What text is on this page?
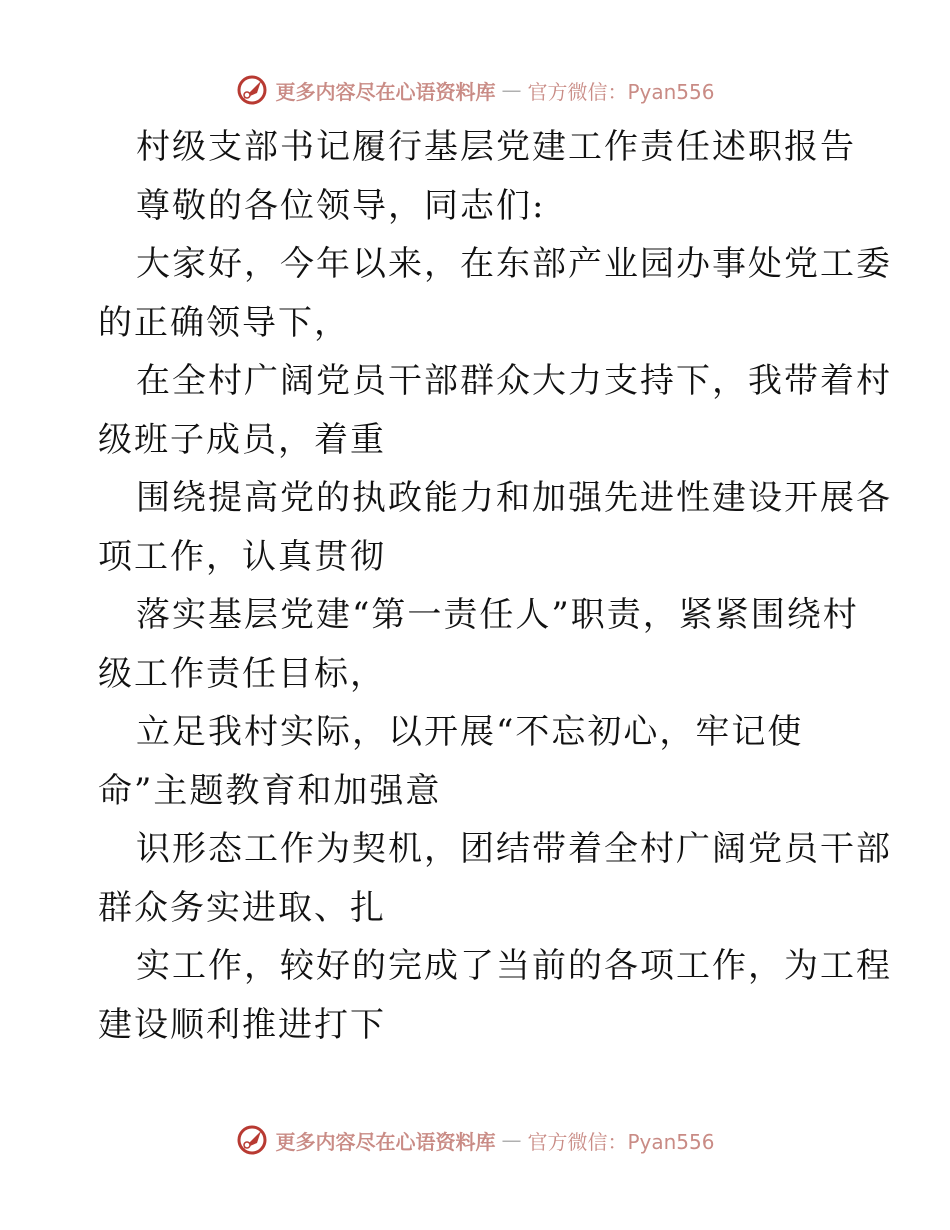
更多内容尽在心语资料库 — 官方微信：Pyan556
村级支部书记履行基层党建工作责任述职报告
尊敬的各位领导，同志们:
大家好，今年以来，在东部产业园办事处党工委
的正确领导下，
在全村广阔党员干部群众大力支持下，我带着村
级班子成员，着重
围绕提高党的执政能力和加强先进性建设开展各
项工作，认真贯彻
落实基层党建“第一责任人”职责，紧紧围绕村
级工作责任目标，
立足我村实际，以开展“不忘初心，牢记使
命”主题教育和加强意
识形态工作为契机，团结带着全村广阔党员干部
群众务实进取、扎
实工作，较好的完成了当前的各项工作，为工程
建设顺利推进打下
更多内容尽在心语资料库 — 官方微信：Pyan556
